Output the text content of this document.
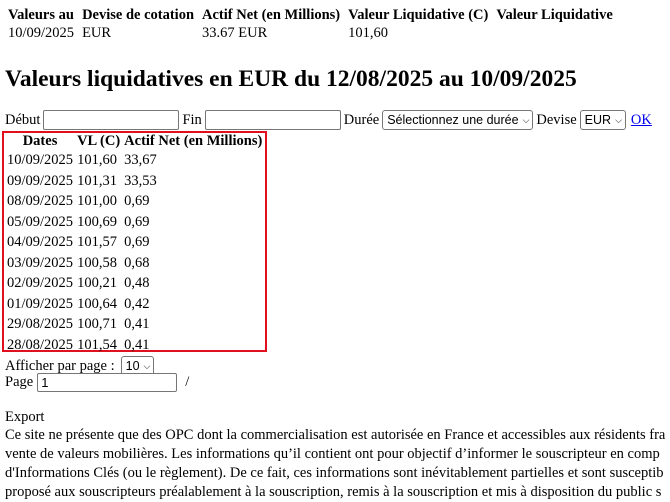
Valeurs au	Devise de cotation	Actif Net (en Millions)	Valeur Liquidative (C)	Valeur Liquidative
10/09/2025	EUR	33.67 EUR	101,60	
Valeurs liquidatives en EUR du 12/08/2025 au 10/09/2025
Début	Fin	Durée Sélectionnez une durée ⌵ Devise EUR ⌵ OK
Dates	VL (C)	Actif Net (en Millions)
10/09/2025	101,60	33,67
09/09/2025	101,31	33,53
08/09/2025	101,00	0,69
05/09/2025	100,69	0,69
04/09/2025	101,57	0,69
03/09/2025	100,58	0,68
02/09/2025	100,21	0,48
01/09/2025	100,64	0,42
29/08/2025	100,71	0,41
28/08/2025	101,54	0,41
Afficher par page : 10 ⌵
Page
1	/
Export
Ce site ne présente que des OPC dont la commercialisation est autorisée en France et accessibles aux résidents fra
vente de valeurs mobilières. Les informations qu’il contient ont pour objectif d’informer le souscripteur en comp
d'Informations Clés (ou le règlement). De ce fait, ces informations sont inévitablement partielles et sont susceptib
proposé aux souscripteurs préalablement à la souscription, remis à la souscription et mis à disposition du public s
